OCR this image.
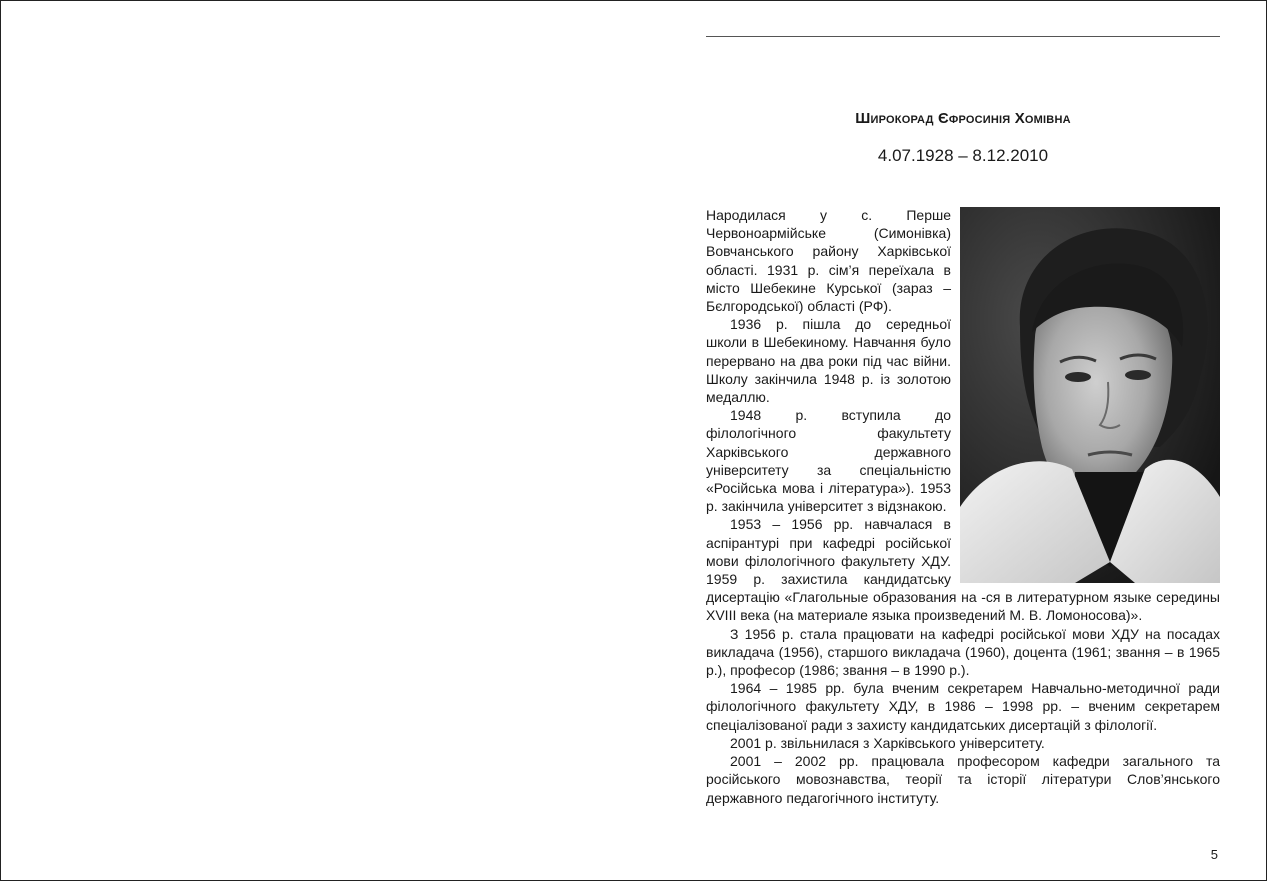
Широкорад Єфросинія Хомівна
4.07.1928 – 8.12.2010

Народилася у с. Перше Червоноармійське (Симонівка) Вовчанського району Харківської області. 1931 р. сім’я переїхала в місто Шебекине Курської (зараз – Бєлгородської) області (РФ).

1936 р. пішла до середньої школи в Шебекиному. Навчання було перервано на два роки під час війни. Школу закінчила 1948 р. із золотою медаллю.

1948 р. вступила до філологічного факультету Харківського державного університету за спеціальністю «Російська мова і література»). 1953 р. закінчила університет з відзнакою.

1953 – 1956 рр. навчалася в аспірантурі при кафедрі російської мови філологічного факультету ХДУ. 1959 р. захистила кандидатську дисертацію «Глагольные образования на -ся в литературном языке середины XVIII века (на материале языка произведений М. В. Ломоносова)».

З 1956 р. стала працювати на кафедрі російської мови ХДУ на посадах викладача (1956), старшого викладача (1960), доцента (1961; звання – в 1965 р.), професор (1986; звання – в 1990 р.).

1964 – 1985 рр. була вченим секретарем Навчально-методичної ради філологічного факультету ХДУ, в 1986 – 1998 рр. – вченим секретарем спеціалізованої ради з захисту кандидатських дисертацій з філології.

2001 р. звільнилася з Харківського університету.

2001 – 2002 рр. працювала професором кафедри загального та російського мовознавства, теорії та історії літератури Слов’янського державного педагогічного інституту.

5
